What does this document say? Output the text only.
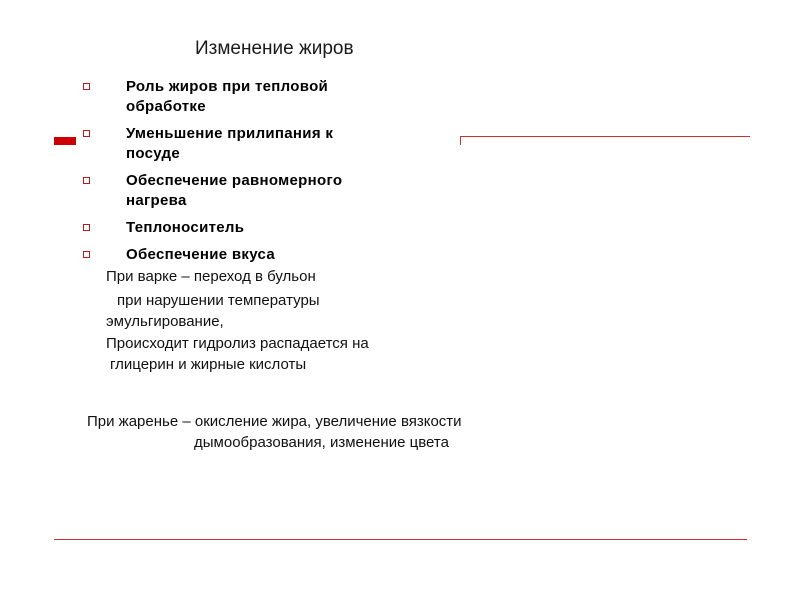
Изменение жиров
Роль жиров при тепловой
обработке
Уменьшение прилипания к
посуде
Обеспечение равномерного
нагрева
Теплоноситель
Обеспечение вкуса
При варке – переход в бульон
при нарушении температуры
эмульгирование,
Происходит гидролиз распадается на
глицерин и жирные кислоты
При жаренье – окисление жира, увеличение вязкости
дымообразования, изменение цвета
